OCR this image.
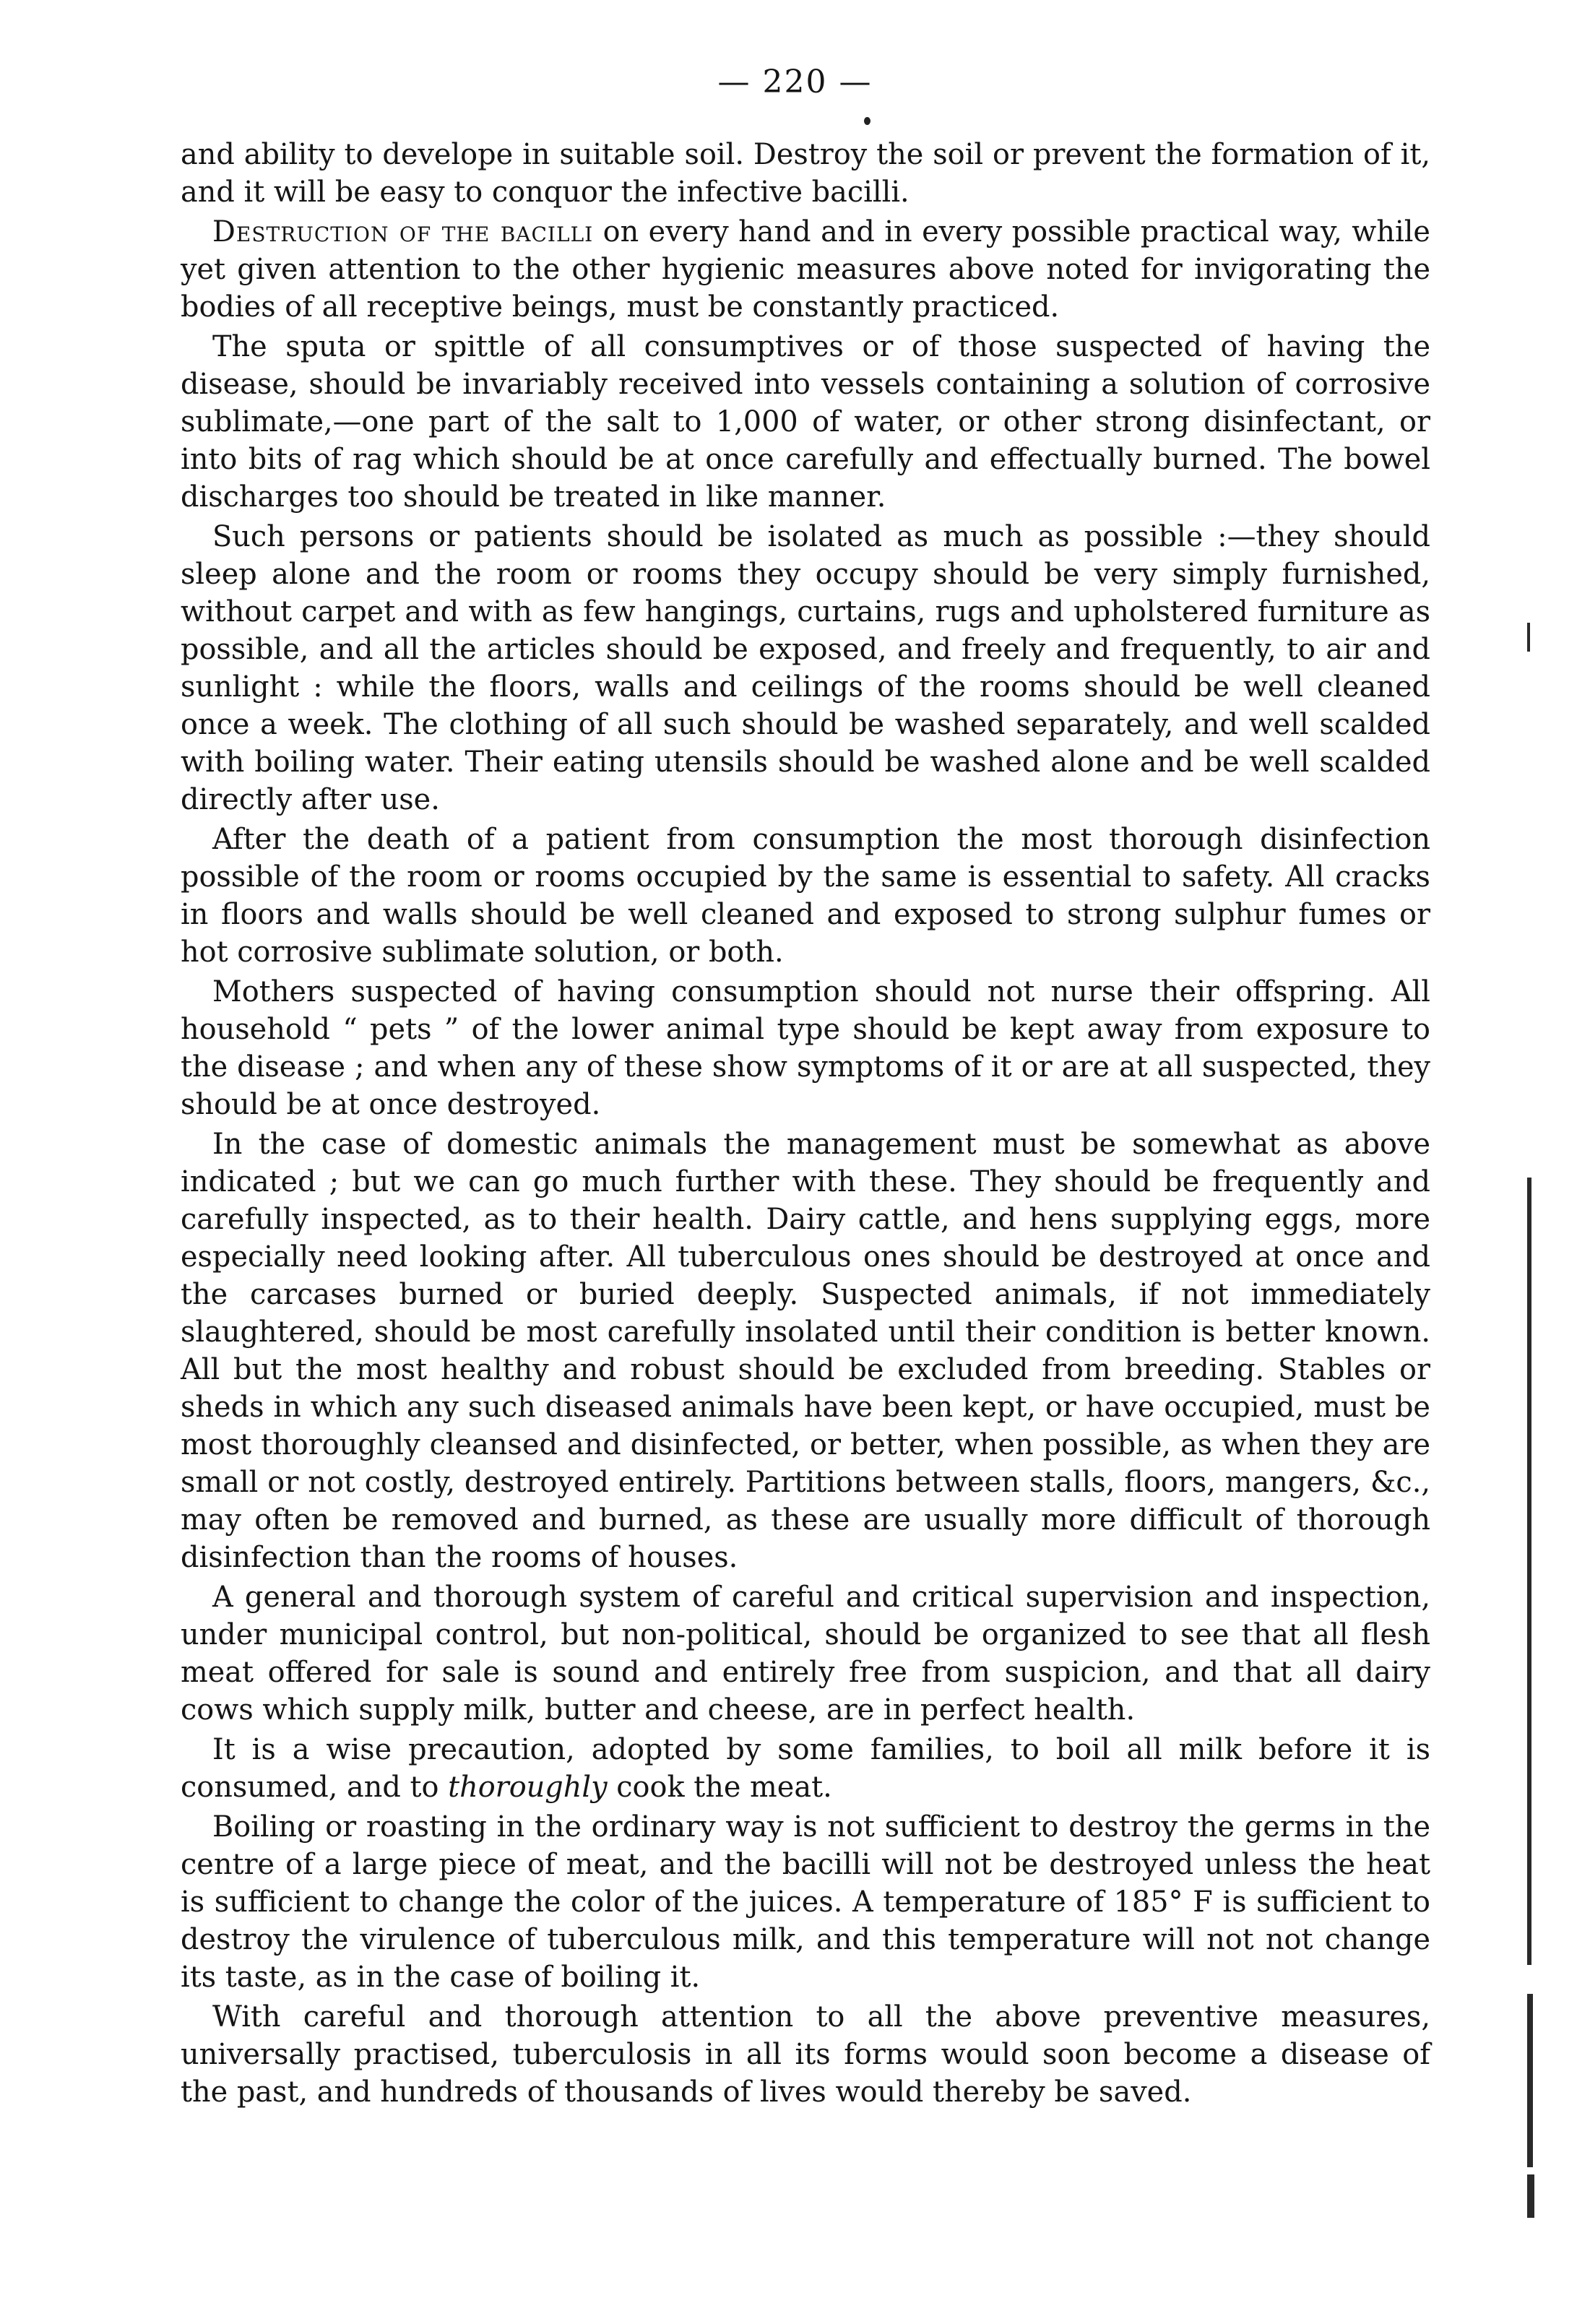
— 220 —

and ability to develope in suitable soil. Destroy the soil or prevent the formation of it, and it will be easy to conquor the infective bacilli.

Destruction of the bacilli on every hand and in every possible practical way, while yet given attention to the other hygienic measures above noted for invigorating the bodies of all receptive beings, must be constantly practiced.

The sputa or spittle of all consumptives or of those suspected of having the disease, should be invariably received into vessels containing a solution of corrosive sublimate,—one part of the salt to 1,000 of water, or other strong disinfectant, or into bits of rag which should be at once carefully and effectually burned. The bowel discharges too should be treated in like manner.

Such persons or patients should be isolated as much as possible :—they should sleep alone and the room or rooms they occupy should be very simply furnished, without carpet and with as few hangings, curtains, rugs and upholstered furniture as possible, and all the articles should be exposed, and freely and frequently, to air and sunlight : while the floors, walls and ceilings of the rooms should be well cleaned once a week. The clothing of all such should be washed separately, and well scalded with boiling water. Their eating utensils should be washed alone and be well scalded directly after use.

After the death of a patient from consumption the most thorough disinfection possible of the room or rooms occupied by the same is essential to safety. All cracks in floors and walls should be well cleaned and exposed to strong sulphur fumes or hot corrosive sublimate solution, or both.

Mothers suspected of having consumption should not nurse their offspring. All household “ pets ” of the lower animal type should be kept away from exposure to the disease ; and when any of these show symptoms of it or are at all suspected, they should be at once destroyed.

In the case of domestic animals the management must be somewhat as above indicated ; but we can go much further with these. They should be frequently and carefully inspected, as to their health. Dairy cattle, and hens supplying eggs, more especially need looking after. All tuberculous ones should be destroyed at once and the carcases burned or buried deeply. Suspected animals, if not immediately slaughtered, should be most carefully insolated until their condition is better known. All but the most healthy and robust should be excluded from breeding. Stables or sheds in which any such diseased animals have been kept, or have occupied, must be most thoroughly cleansed and disinfected, or better, when possible, as when they are small or not costly, destroyed entirely. Partitions between stalls, floors, mangers, &c., may often be removed and burned, as these are usually more difficult of thorough disinfection than the rooms of houses.

A general and thorough system of careful and critical supervision and inspection, under municipal control, but non-political, should be organized to see that all flesh meat offered for sale is sound and entirely free from suspicion, and that all dairy cows which supply milk, butter and cheese, are in perfect health.

It is a wise precaution, adopted by some families, to boil all milk before it is consumed, and to thoroughly cook the meat.

Boiling or roasting in the ordinary way is not sufficient to destroy the germs in the centre of a large piece of meat, and the bacilli will not be destroyed unless the heat is sufficient to change the color of the juices. A temperature of 185° F is sufficient to destroy the virulence of tuberculous milk, and this temperature will not not change its taste, as in the case of boiling it.

With careful and thorough attention to all the above preventive measures, universally practised, tuberculosis in all its forms would soon become a disease of the past, and hundreds of thousands of lives would thereby be saved.
